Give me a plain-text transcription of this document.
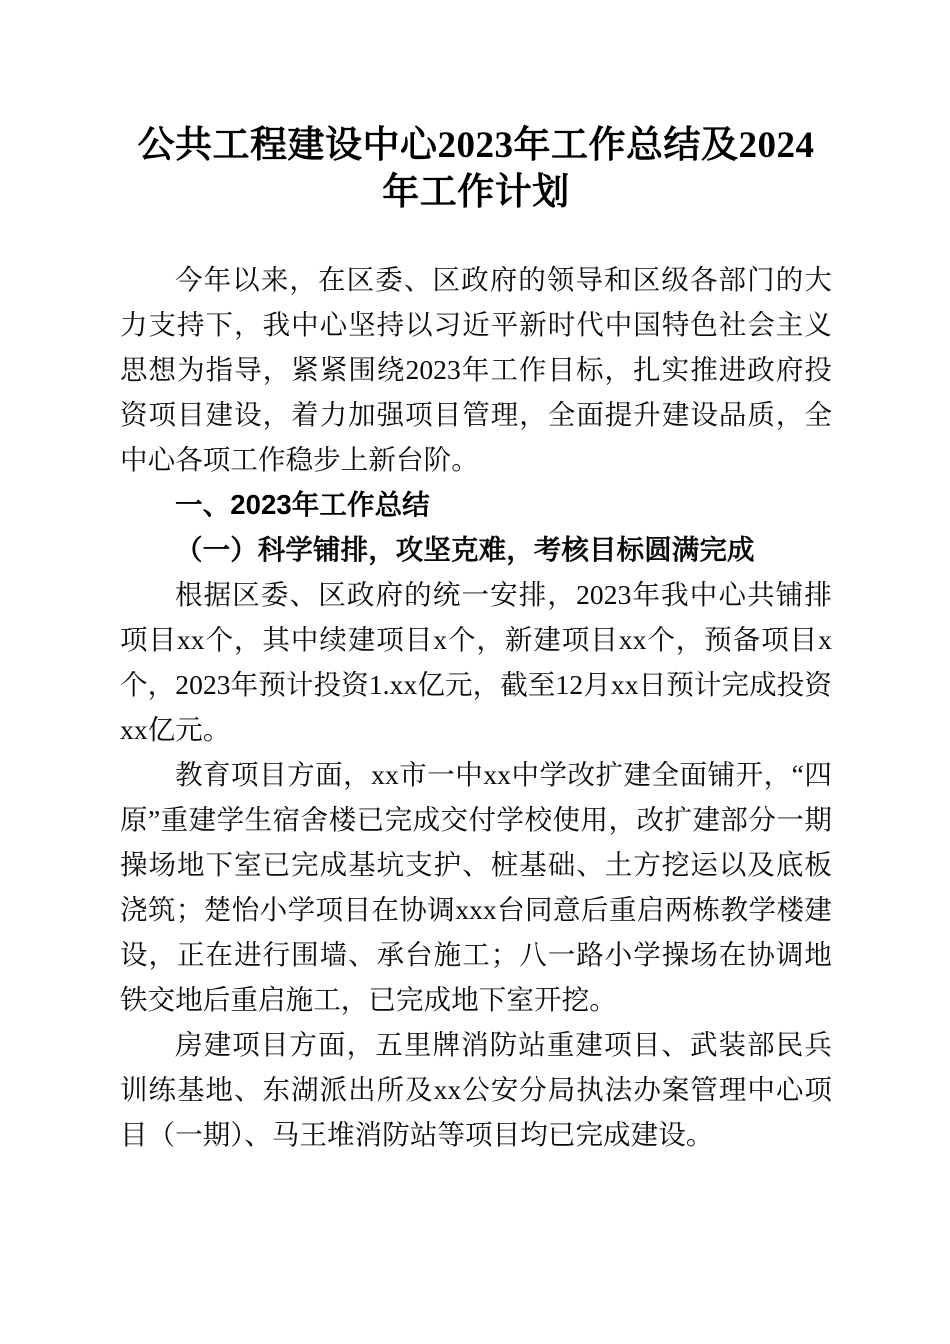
公共工程建设中心2023年工作总结及2024年工作计划

今年以来，在区委、区政府的领导和区级各部门的大力支持下，我中心坚持以习近平新时代中国特色社会主义思想为指导，紧紧围绕2023年工作目标，扎实推进政府投资项目建设，着力加强项目管理，全面提升建设品质，全中心各项工作稳步上新台阶。

一、2023年工作总结
（一）科学铺排，攻坚克难，考核目标圆满完成

根据区委、区政府的统一安排，2023年我中心共铺排项目xx个，其中续建项目x个，新建项目xx个，预备项目x个，2023年预计投资1.xx亿元，截至12月xx日预计完成投资xx亿元。

教育项目方面，xx市一中xx中学改扩建全面铺开，“四原”重建学生宿舍楼已完成交付学校使用，改扩建部分一期操场地下室已完成基坑支护、桩基础、土方挖运以及底板浇筑；楚怡小学项目在协调xxx台同意后重启两栋教学楼建设，正在进行围墙、承台施工；八一路小学操场在协调地铁交地后重启施工，已完成地下室开挖。

房建项目方面，五里牌消防站重建项目、武装部民兵训练基地、东湖派出所及xx公安分局执法办案管理中心项目（一期）、马王堆消防站等项目均已完成建设。
